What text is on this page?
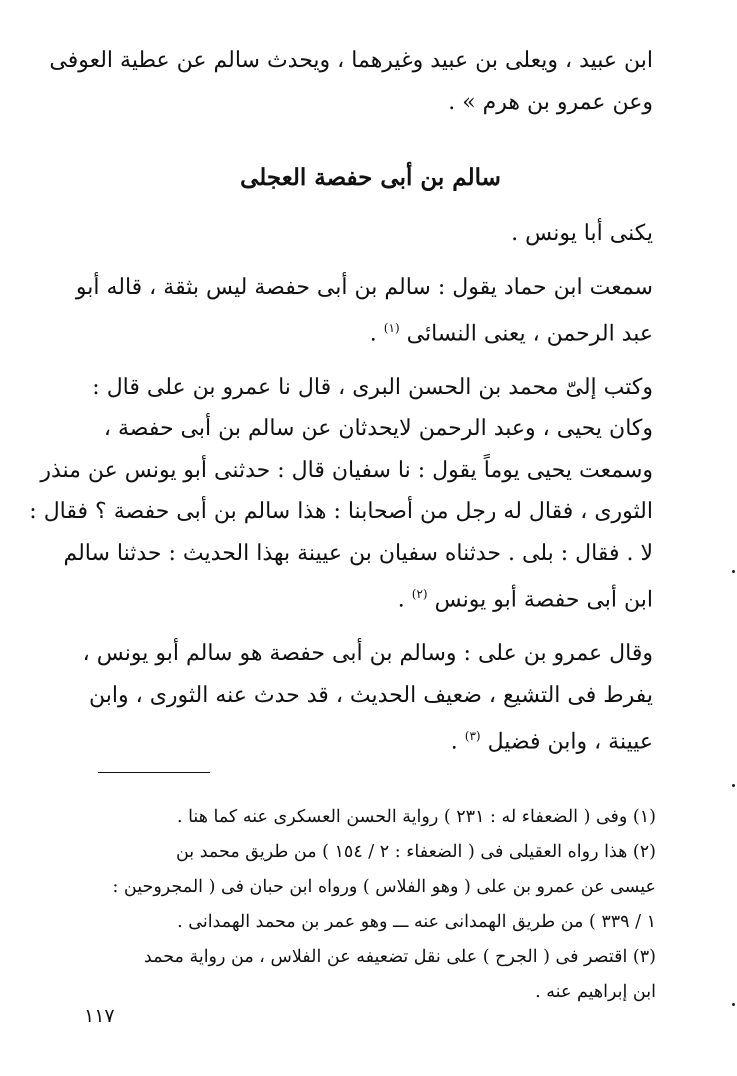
ابن عبيد ، ويعلى بن عبيد وغيرهما ، ويحدث سالم عن عطية العوفى
وعن عمرو بن هرم » .
سالم بن أبى حفصة العجلى
يكنى أبا يونس .
سمعت ابن حماد يقول : سالم بن أبى حفصة ليس بثقة ، قاله أبو
عبد الرحمن ، يعنى النسائى $^{(١)}$ .
وكتب إلىّ محمد بن الحسن البرى ، قال نا عمرو بن على قال :
وكان يحيى ، وعبد الرحمن لايحدثان عن سالم بن أبى حفصة ،
وسمعت يحيى يوماً يقول : نا سفيان قال : حدثنى أبو يونس عن منذر
الثورى ، فقال له رجل من أصحابنا : هذا سالم بن أبى حفصة ؟ فقال :
لا . فقال : بلى . حدثناه سفيان بن عيينة بهذا الحديث : حدثنا سالم
ابن أبى حفصة أبو يونس $^{(٢)}$ .
وقال عمرو بن على : وسالم بن أبى حفصة هو سالم أبو يونس ،
يفرط فى التشيع ، ضعيف الحديث ، قد حدث عنه الثورى ، وابن
عيينة ، وابن فضيل $^{(٣)}$ .
(١) وفى ( الضعفاء له : ٢٣١ ) رواية الحسن العسكرى عنه كما هنا .
(٢) هذا رواه العقيلى فى ( الضعفاء : ٢ / ١٥٤ ) من طريق محمد بن
عيسى عن عمرو بن على ( وهو الفلاس ) ورواه ابن حبان فى ( المجروحين :
١ / ٣٣٩ ) من طريق الهمدانى عنه ـــ وهو عمر بن محمد الهمدانى .
(٣) اقتصر فى ( الجرح ) على نقل تضعيفه عن الفلاس ، من رواية محمد
ابن إبراهيم عنه .
١١٧
